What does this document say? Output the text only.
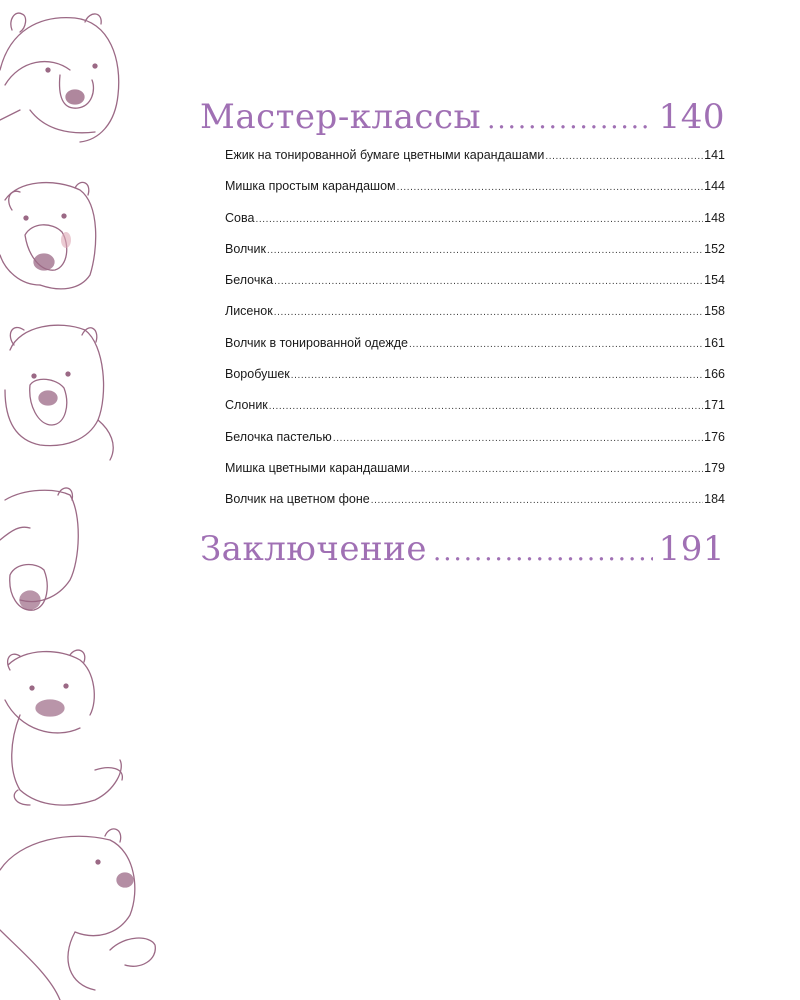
Мастер-классы .....	140
Ежик на тонированной бумаге цветными карандашами .....	141
Мишка простым карандашом .....	144
Сова .....	148
Волчик .....	152
Белочка .....	154
Лисенок .....	158
Волчик в тонированной одежде .....	161
Воробушек .....	166
Слоник .....	171
Белочка пастелью .....	176
Мишка цветными карандашами .....	179
Волчик на цветном фоне .....	184
Заключение .....	191
